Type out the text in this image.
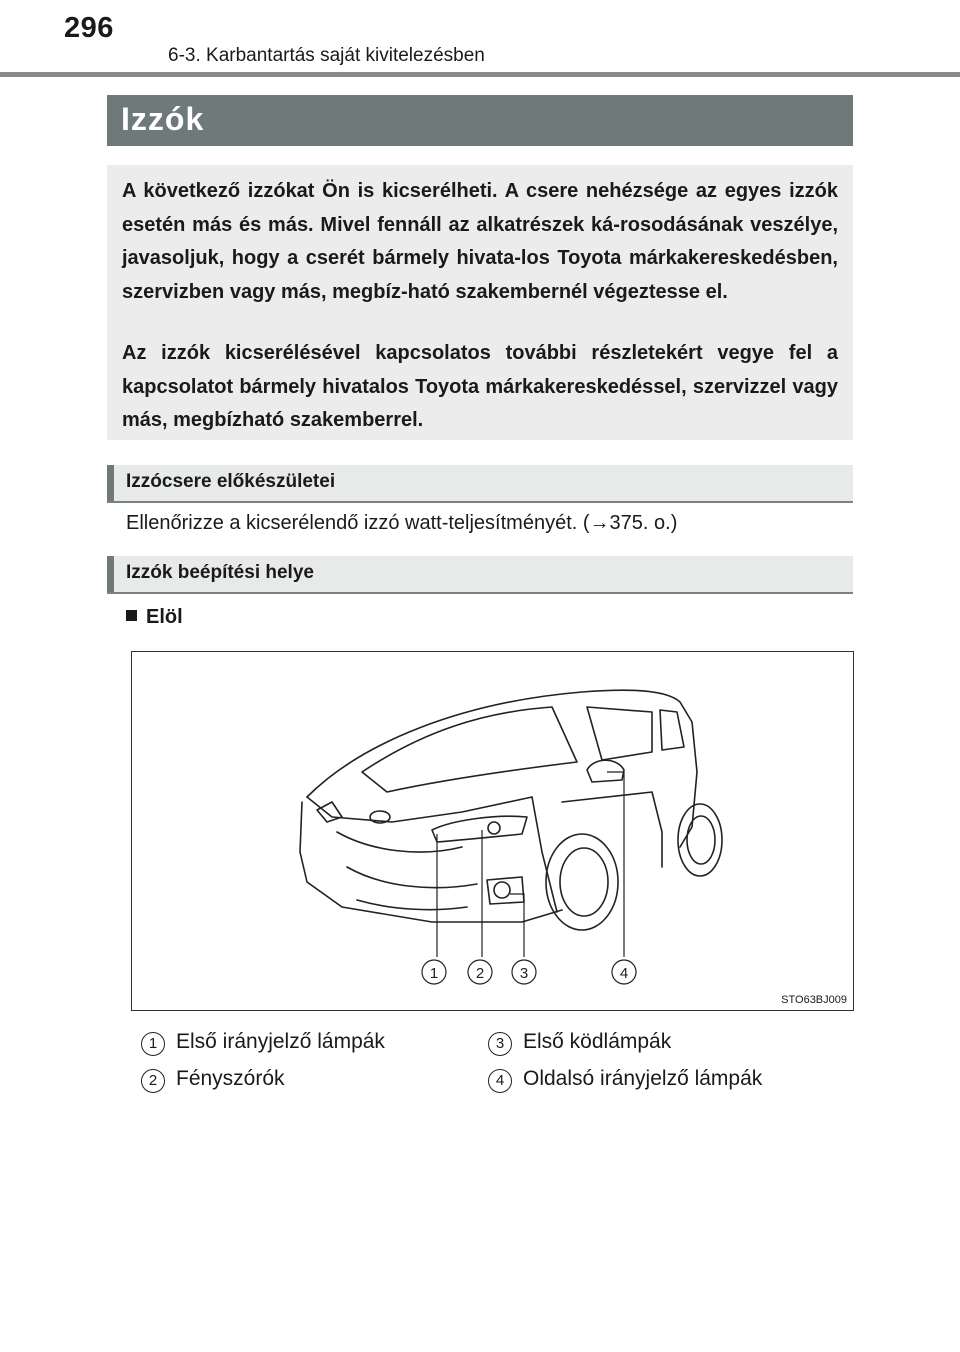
296
6-3. Karbantartás saját kivitelezésben
Izzók
A következő izzókat Ön is kicserélheti. A csere nehézsége az egyes izzók esetén más és más. Mivel fennáll az alkatrészek ká-rosodásának veszélye, javasoljuk, hogy a cserét bármely hivata-los Toyota márkakereskedésben, szervizben vagy más, megbíz-ható szakembernél végeztesse el.
Az izzók kicserélésével kapcsolatos további részletekért vegye fel a kapcsolatot bármely hivatalos Toyota márkakereskedéssel, szervizzel vagy más, megbízható szakemberrel.
Izzócsere előkészületei
Ellenőrizze a kicserélendő izzó watt-teljesítményét. (→375. o.)
Izzók beépítési helye
Elöl
1	2 3	4
STO63BJ009
1 Első irányjelző lámpák
2 Fényszórók
3 Első ködlámpák
4 Oldalsó irányjelző lámpák
